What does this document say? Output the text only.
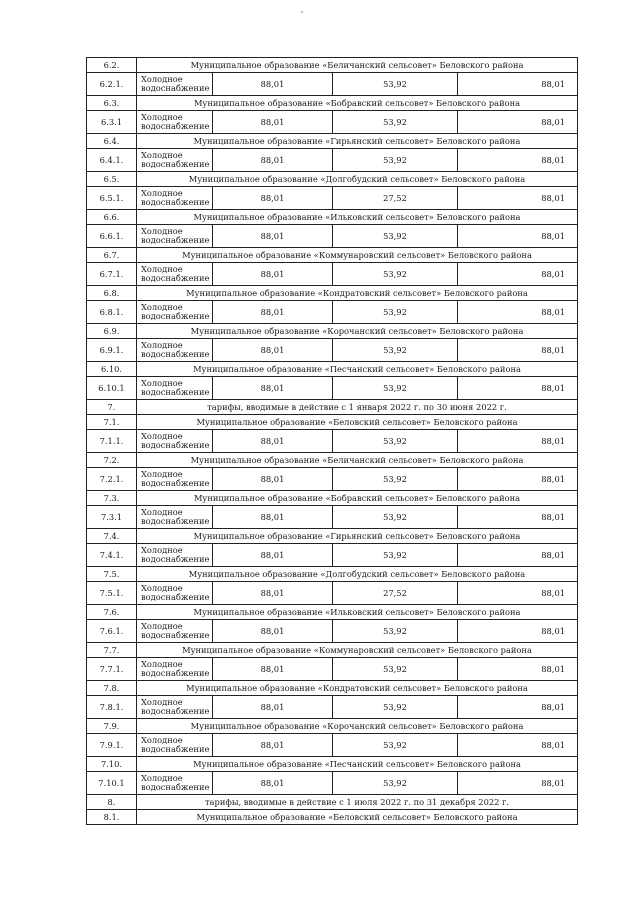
6.2.	Муниципальное образование «Беличанский сельсовет» Беловского района			
6.2.1.	Холодное водоснабжение	88,01	53,92	88,01
6.3.	Муниципальное образование «Бобравский сельсовет» Беловского района			
6.3.1	Холодное водоснабжение	88,01	53,92	88,01
6.4.	Муниципальное образование «Гирьянский сельсовет» Беловского района			
6.4.1.	Холодное водоснабжение	88,01	53,92	88,01
6.5.	Муниципальное образование «Долгобудский сельсовет» Беловского района			
6.5.1.	Холодное водоснабжение	88,01	27,52	88,01
6.6.	Муниципальное образование «Ильковский сельсовет» Беловского района			
6.6.1.	Холодное водоснабжение	88,01	53,92	88,01
6.7.	Муниципальное образование «Коммунаровский сельсовет» Беловского района			
6.7.1.	Холодное водоснабжение	88,01	53,92	88,01
6.8.	Муниципальное образование «Кондратовский сельсовет» Беловского района			
6.8.1.	Холодное водоснабжение	88,01	53,92	88,01
6.9.	Муниципальное образование «Корочанский сельсовет» Беловского района			
6.9.1.	Холодное водоснабжение	88,01	53,92	88,01
6.10.	Муниципальное образование «Песчанский сельсовет» Беловского района			
6.10.1	Холодное водоснабжение	88,01	53,92	88,01
7.	тарифы, вводимые в действие с 1 января 2022 г. по 30 июня 2022 г.			
7.1.	Муниципальное образование «Беловский сельсовет» Беловского района			
7.1.1.	Холодное водоснабжение	88,01	53,92	88,01
7.2.	Муниципальное образование «Беличанский сельсовет» Беловского района			
7.2.1.	Холодное водоснабжение	88,01	53,92	88,01
7.3.	Муниципальное образование «Бобравский сельсовет» Беловского района			
7.3.1	Холодное водоснабжение	88,01	53,92	88,01
7.4.	Муниципальное образование «Гирьянский сельсовет» Беловского района			
7.4.1.	Холодное водоснабжение	88,01	53,92	88,01
7.5.	Муниципальное образование «Долгобудский сельсовет» Беловского района			
7.5.1.	Холодное водоснабжение	88,01	27,52	88,01
7.6.	Муниципальное образование «Ильковский сельсовет» Беловского района			
7.6.1.	Холодное водоснабжение	88,01	53,92	88,01
7.7.	Муниципальное образование «Коммунаровский сельсовет» Беловского района			
7.7.1.	Холодное водоснабжение	88,01	53,92	88,01
7.8.	Муниципальное образование «Кондратовский сельсовет» Беловского района			
7.8.1.	Холодное водоснабжение	88,01	53,92	88,01
7.9.	Муниципальное образование «Корочанский сельсовет» Беловского района			
7.9.1.	Холодное водоснабжение	88,01	53,92	88,01
7.10.	Муниципальное образование «Песчанский сельсовет» Беловского района			
7.10.1	Холодное водоснабжение	88,01	53,92	88,01
8.	тарифы, вводимые в действие с 1 июля 2022 г. по 31 декабря 2022 г.			
8.1.	Муниципальное образование «Беловский сельсовет» Беловского района			
